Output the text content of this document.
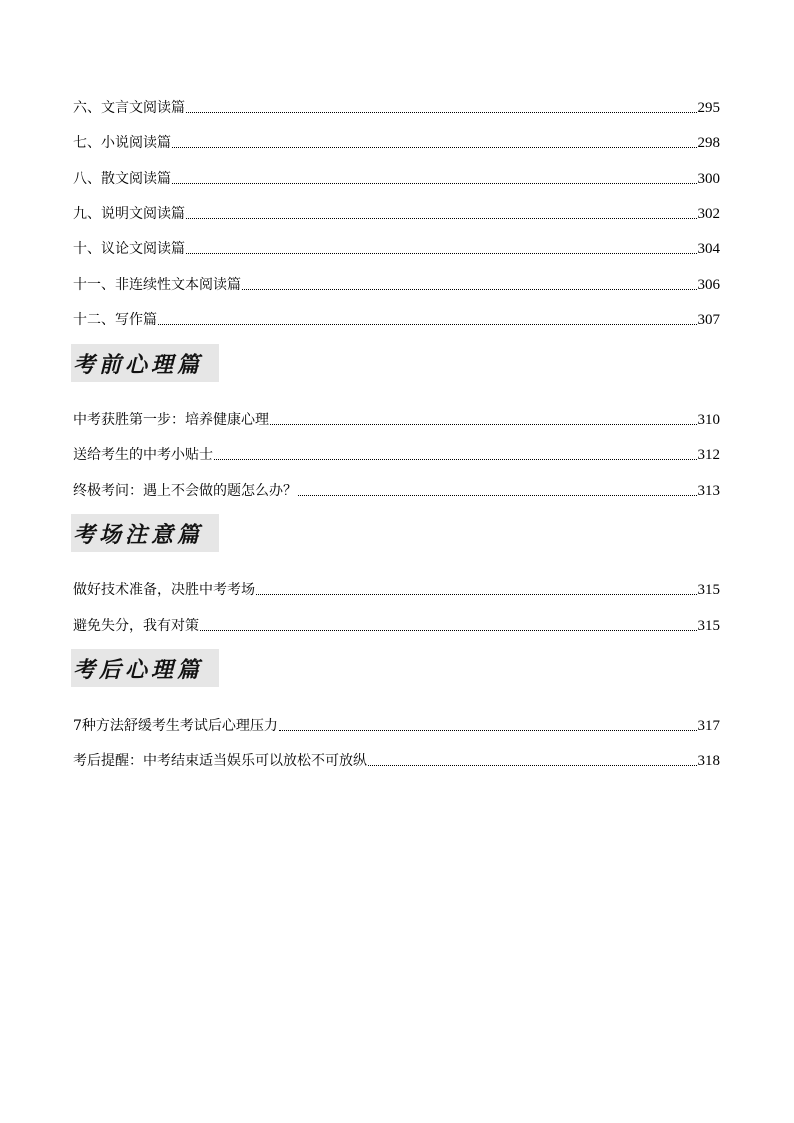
六、文言文阅读篇	295
七、小说阅读篇	298
八、散文阅读篇	300
九、说明文阅读篇	302
十、议论文阅读篇	304
十一、非连续性文本阅读篇	306
十二、写作篇	307
考前心理篇
中考获胜第一步：培养健康心理	310
送给考生的中考小贴士	312
终极考问：遇上不会做的题怎么办？	313
考场注意篇
做好技术准备，决胜中考考场	315
避免失分，我有对策	315
考后心理篇
7种方法舒缓考生考试后心理压力	317
考后提醒：中考结束适当娱乐可以放松不可放纵	318
